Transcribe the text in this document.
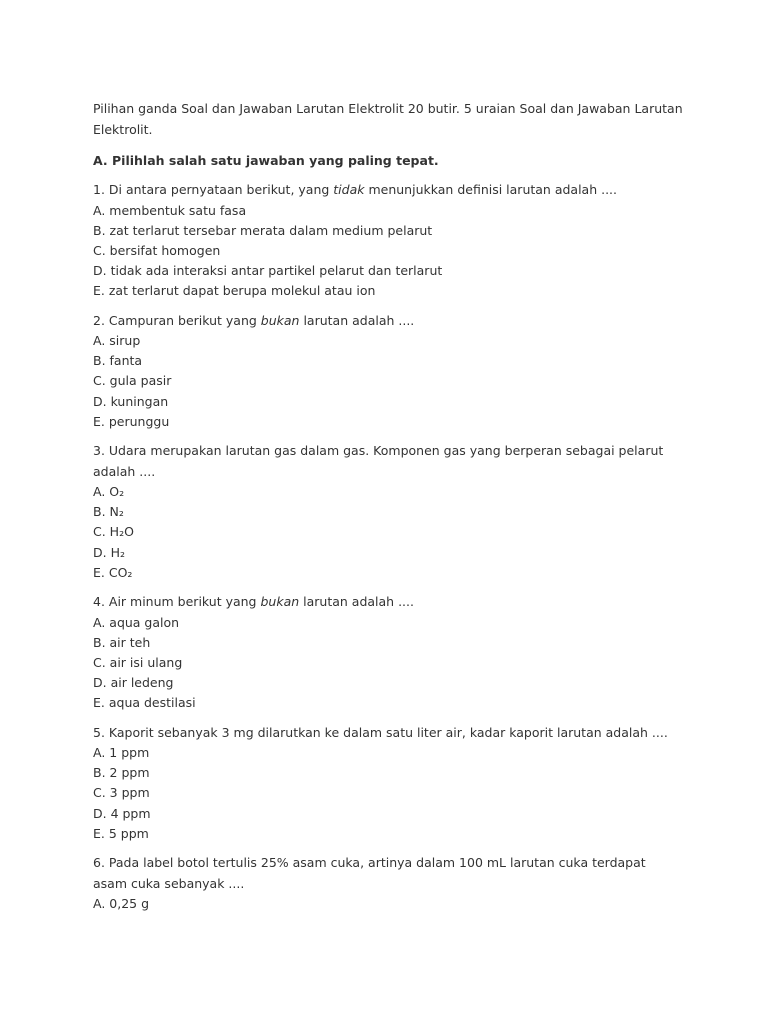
Pilihan ganda Soal dan Jawaban Larutan Elektrolit 20 butir. 5 uraian Soal dan Jawaban Larutan Elektrolit.

A. Pilihlah salah satu jawaban yang paling tepat.

1. Di antara pernyataan berikut, yang tidak menunjukkan definisi larutan adalah ....
A. membentuk satu fasa
B. zat terlarut tersebar merata dalam medium pelarut
C. bersifat homogen
D. tidak ada interaksi antar partikel pelarut dan terlarut
E. zat terlarut dapat berupa molekul atau ion
2. Campuran berikut yang bukan larutan adalah ....
A. sirup
B. fanta
C. gula pasir
D. kuningan
E. perunggu
3. Udara merupakan larutan gas dalam gas. Komponen gas yang berperan sebagai pelarut adalah ....
A. O₂
B. N₂
C. H₂O
D. H₂
E. CO₂
4. Air minum berikut yang bukan larutan adalah ....
A. aqua galon
B. air teh
C. air isi ulang
D. air ledeng
E. aqua destilasi
5. Kaporit sebanyak 3 mg dilarutkan ke dalam satu liter air, kadar kaporit larutan adalah ....
A. 1 ppm
B. 2 ppm
C. 3 ppm
D. 4 ppm
E. 5 ppm
6. Pada label botol tertulis 25% asam cuka, artinya dalam 100 mL larutan cuka terdapat asam cuka sebanyak ....
A. 0,25 g
